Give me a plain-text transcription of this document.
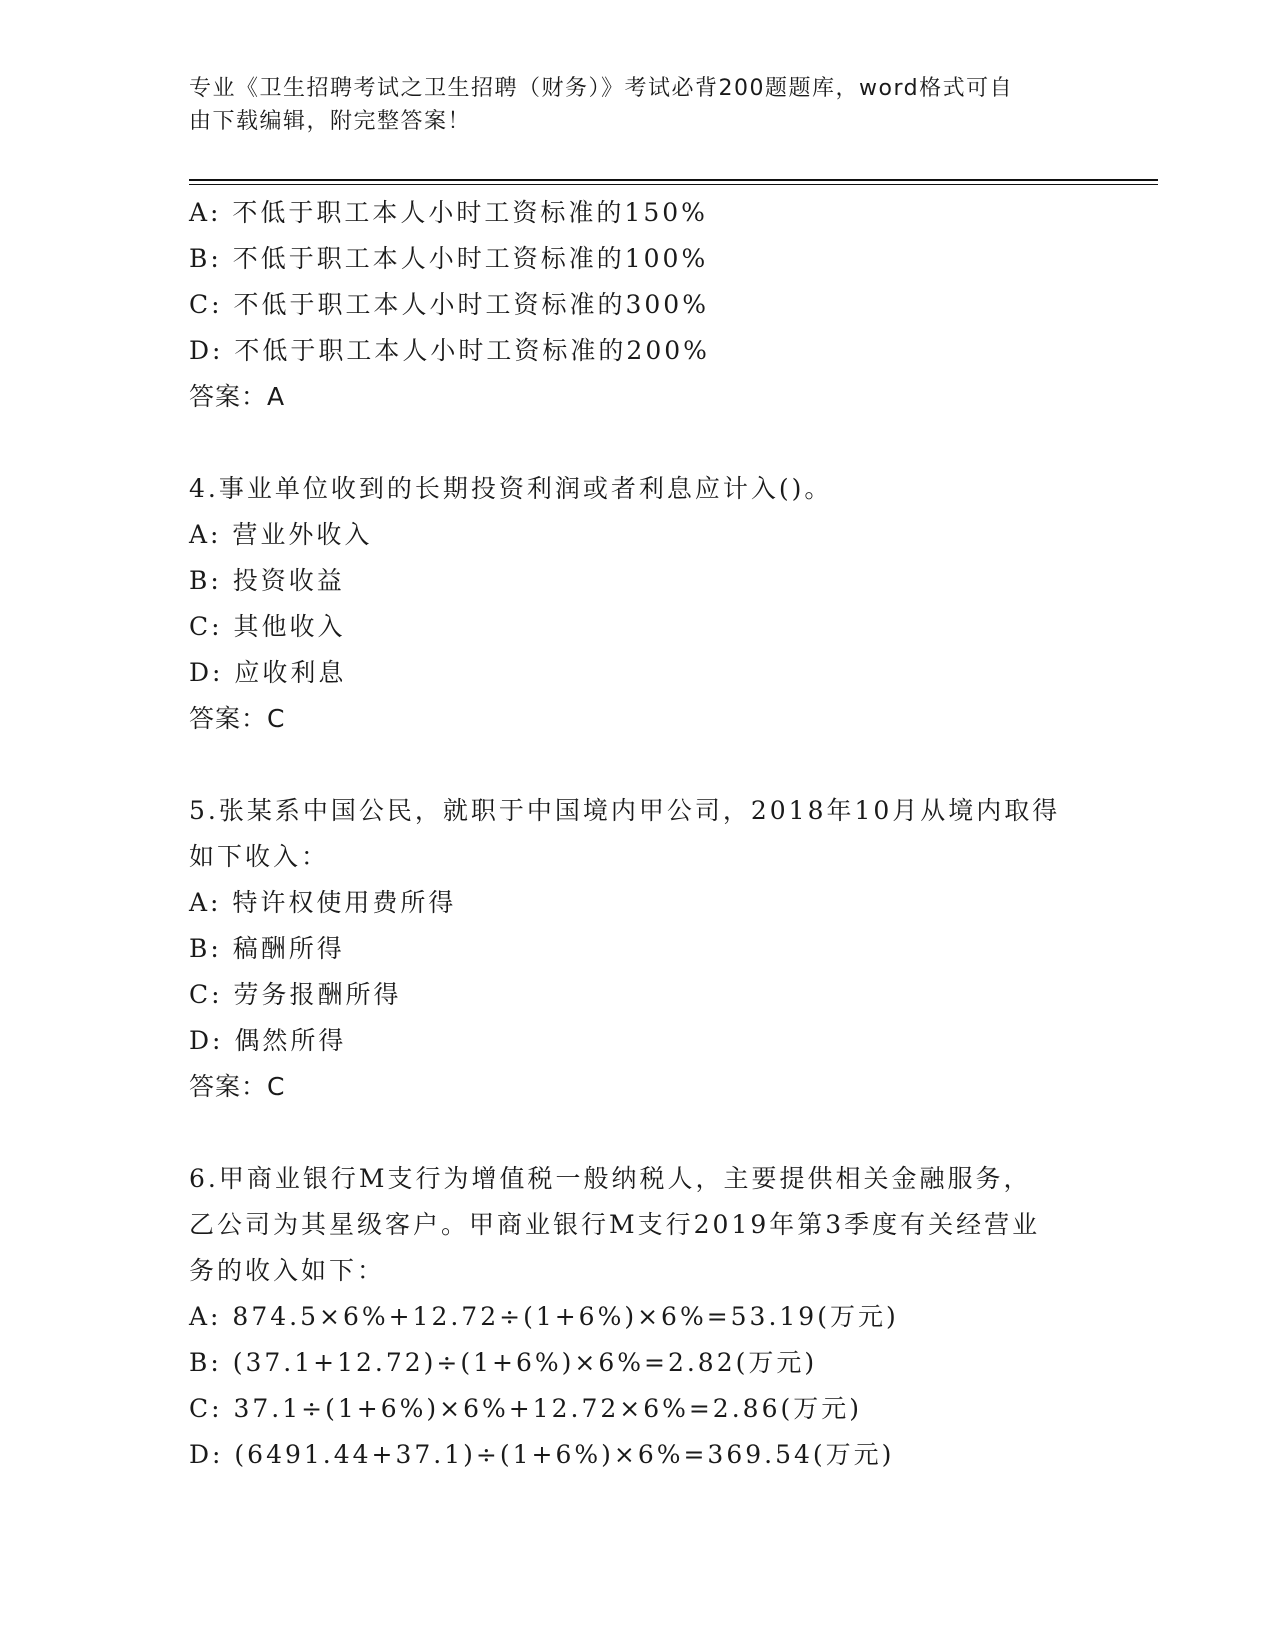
专业《卫生招聘考试之卫生招聘（财务）》考试必背200题题库，word格式可自
由下载编辑，附完整答案！
A: 不低于职工本人小时工资标准的150%
B: 不低于职工本人小时工资标准的100%
C: 不低于职工本人小时工资标准的300%
D: 不低于职工本人小时工资标准的200%
答案：A
4.事业单位收到的长期投资利润或者利息应计入()。
A: 营业外收入
B: 投资收益
C: 其他收入
D: 应收利息
答案：C
5.张某系中国公民，就职于中国境内甲公司，2018年10月从境内取得
如下收入：
A: 特许权使用费所得
B: 稿酬所得
C: 劳务报酬所得
D: 偶然所得
答案：C
6.甲商业银行M支行为增值税一般纳税人，主要提供相关金融服务，
乙公司为其星级客户。甲商业银行M支行2019年第3季度有关经营业
务的收入如下：
A: 874.5×6%+12.72÷(1+6%)×6%=53.19(万元)
B: (37.1+12.72)÷(1+6%)×6%=2.82(万元)
C: 37.1÷(1+6%)×6%+12.72×6%=2.86(万元)
D: (6491.44+37.1)÷(1+6%)×6%=369.54(万元)
